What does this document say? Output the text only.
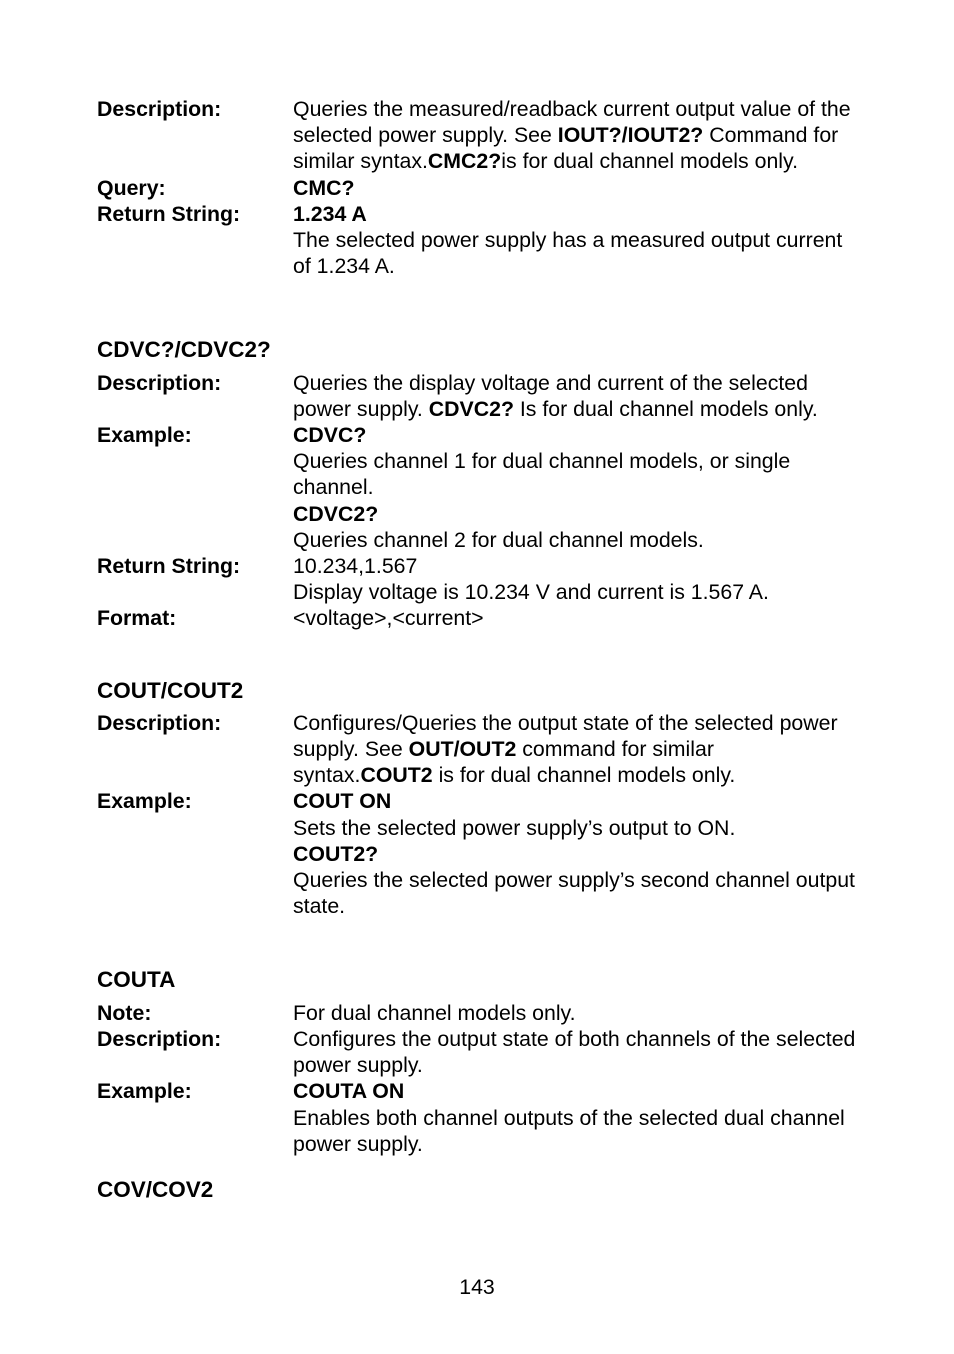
Description:	Queries the measured/readback current output value of the selected power supply. See IOUT?/IOUT2? Command for similar syntax.CMC2?is for dual channel models only.
Query:	CMC?
Return String:	1.234 A
The selected power supply has a measured output current of 1.234 A.
CDVC?/CDVC2?
Description:	Queries the display voltage and current of the selected power supply. CDVC2? Is for dual channel models only.
Example:	CDVC?
Queries channel 1 for dual channel models, or single channel.
CDVC2?
Queries channel 2 for dual channel models.
Return String:	10.234,1.567
Display voltage is 10.234 V and current is 1.567 A.
Format:	<voltage>,<current>
COUT/COUT2
Description:	Configures/Queries the output state of the selected power supply. See OUT/OUT2 command for similar syntax.COUT2 is for dual channel models only.
Example:	COUT ON
Sets the selected power supply’s output to ON.
COUT2?
Queries the selected power supply’s second channel output state.
COUTA
Note:	For dual channel models only.
Description:	Configures the output state of both channels of the selected power supply.
Example:	COUTA ON
Enables both channel outputs of the selected dual channel power supply.
COV/COV2
143
